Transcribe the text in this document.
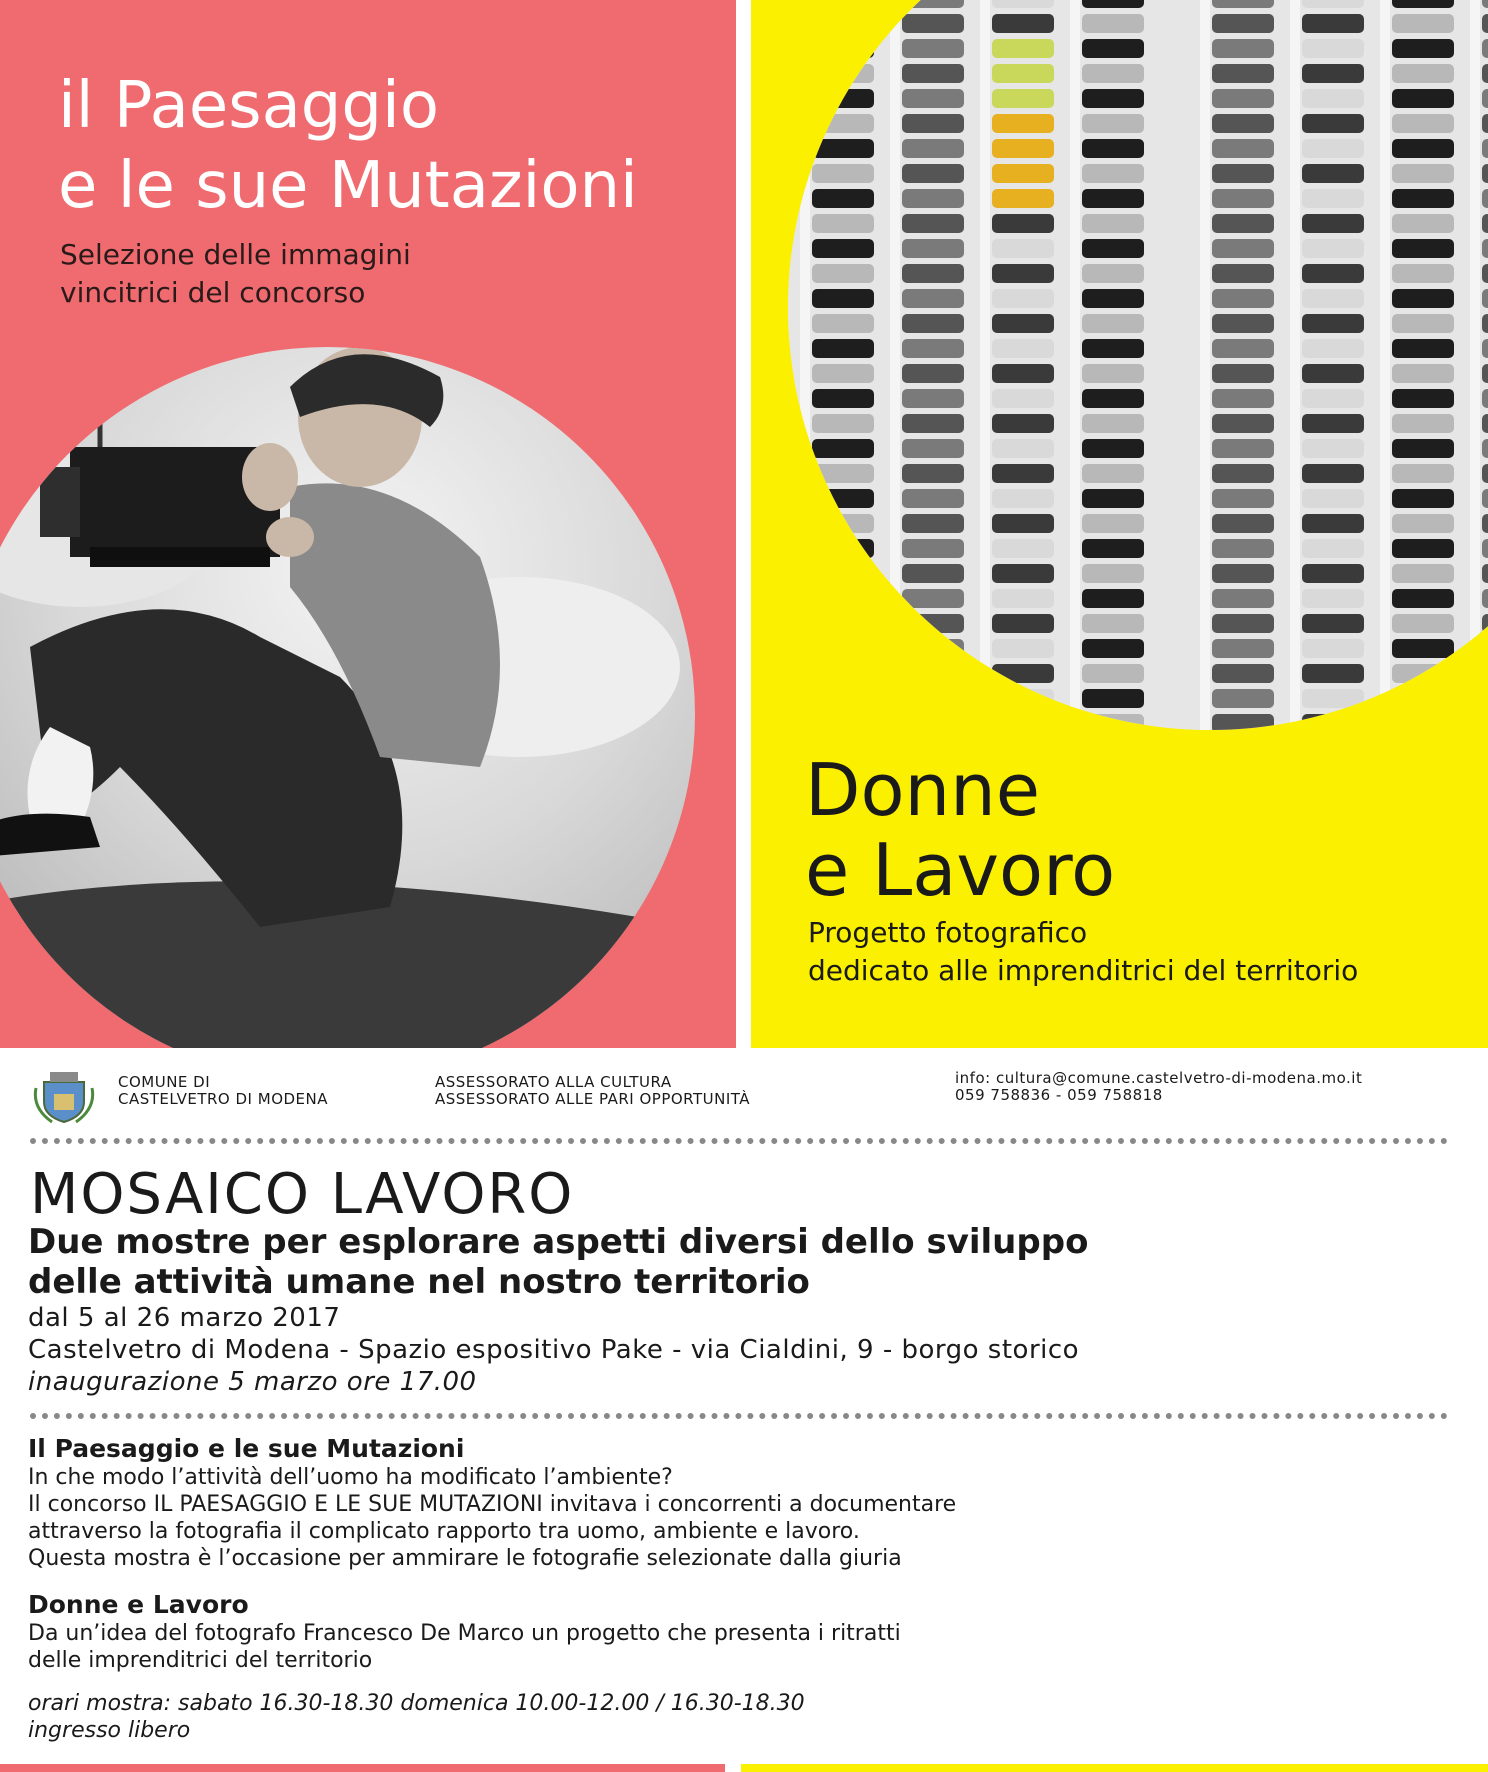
il Paesaggio
e le sue Mutazioni
Selezione delle immagini
vincitrici del concorso
Donne
e Lavoro
Progetto fotografico
dedicato alle imprenditrici del territorio
COMUNE DI
CASTELVETRO DI MODENA
ASSESSORATO ALLA CULTURA
ASSESSORATO ALLE PARI OPPORTUNITÀ
info: cultura@comune.castelvetro-di-modena.mo.it
059 758836 - 059 758818
MOSAICO LAVORO
Due mostre per esplorare aspetti diversi dello sviluppo
delle attività umane nel nostro territorio
dal 5 al 26 marzo 2017
Castelvetro di Modena - Spazio espositivo Pake - via Cialdini, 9 - borgo storico
inaugurazione 5 marzo ore 17.00
Il Paesaggio e le sue Mutazioni
In che modo l’attività dell’uomo ha modificato l’ambiente?
Il concorso IL PAESAGGIO E LE SUE MUTAZIONI invitava i concorrenti a documentare
attraverso la fotografia il complicato rapporto tra uomo, ambiente e lavoro.
Questa mostra è l’occasione per ammirare le fotografie selezionate dalla giuria
Donne e Lavoro
Da un’idea del fotografo Francesco De Marco un progetto che presenta i ritratti
delle imprenditrici del territorio
orari mostra: sabato 16.30-18.30 domenica 10.00-12.00 / 16.30-18.30
ingresso libero
